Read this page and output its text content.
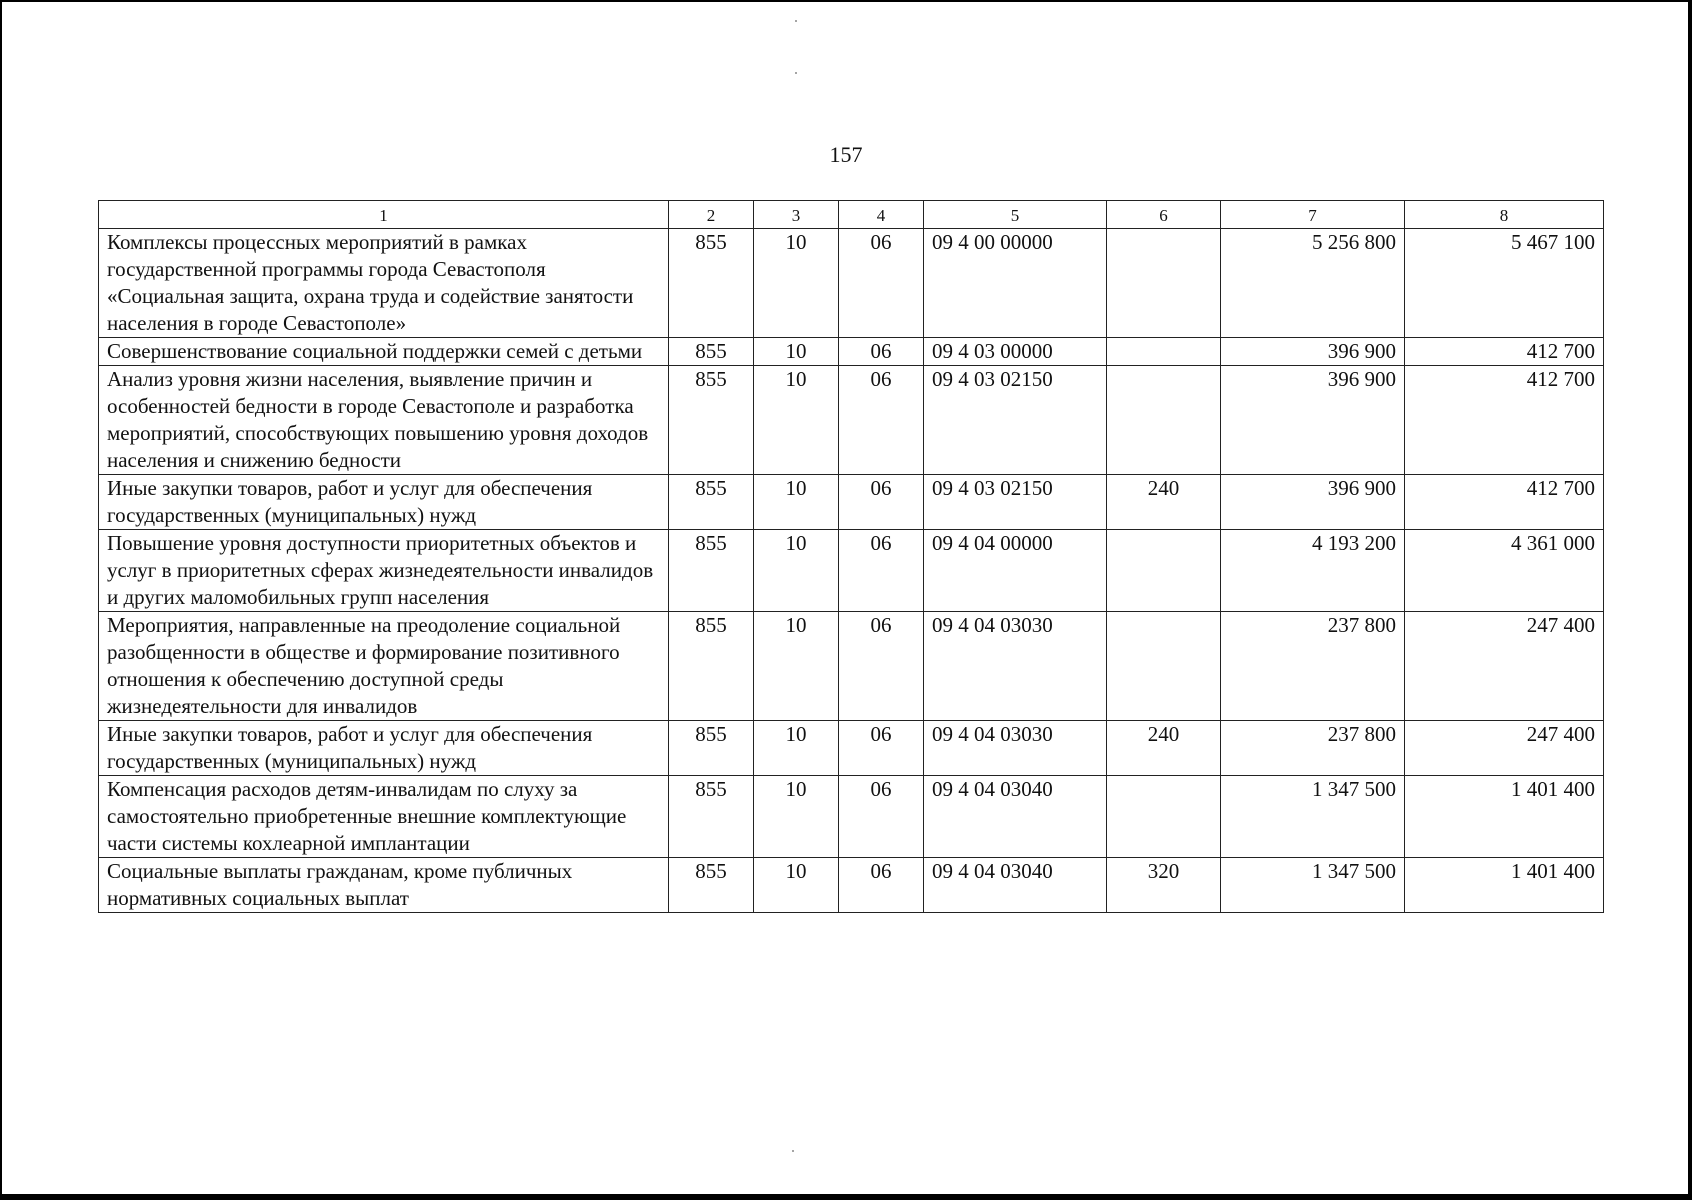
157
1	2	3	4	5	6	7	8
Комплексы процессных мероприятий в рамках государственной программы города Севастополя «Социальная защита, охрана труда и содействие занятости населения в городе Севастополе»	855	10	06	09 4 00 00000		5 256 800	5 467 100
Совершенствование социальной поддержки семей с детьми	855	10	06	09 4 03 00000		396 900	412 700
Анализ уровня жизни населения, выявление причин и особенностей бедности в городе Севастополе и разработка мероприятий, способствующих повышению уровня доходов населения и снижению бедности	855	10	06	09 4 03 02150		396 900	412 700
Иные закупки товаров, работ и услуг для обеспечения государственных (муниципальных) нужд	855	10	06	09 4 03 02150	240	396 900	412 700
Повышение уровня доступности приоритетных объектов и услуг в приоритетных сферах жизнедеятельности инвалидов и других маломобильных групп населения	855	10	06	09 4 04 00000		4 193 200	4 361 000
Мероприятия, направленные на преодоление социальной разобщенности в обществе и формирование позитивного отношения к обеспечению доступной среды жизнедеятельности для инвалидов	855	10	06	09 4 04 03030		237 800	247 400
Иные закупки товаров, работ и услуг для обеспечения государственных (муниципальных) нужд	855	10	06	09 4 04 03030	240	237 800	247 400
Компенсация расходов детям-инвалидам по слуху за самостоятельно приобретенные внешние комплектующие части системы кохлеарной имплантации	855	10	06	09 4 04 03040		1 347 500	1 401 400
Социальные выплаты гражданам, кроме публичных нормативных социальных выплат	855	10	06	09 4 04 03040	320	1 347 500	1 401 400
